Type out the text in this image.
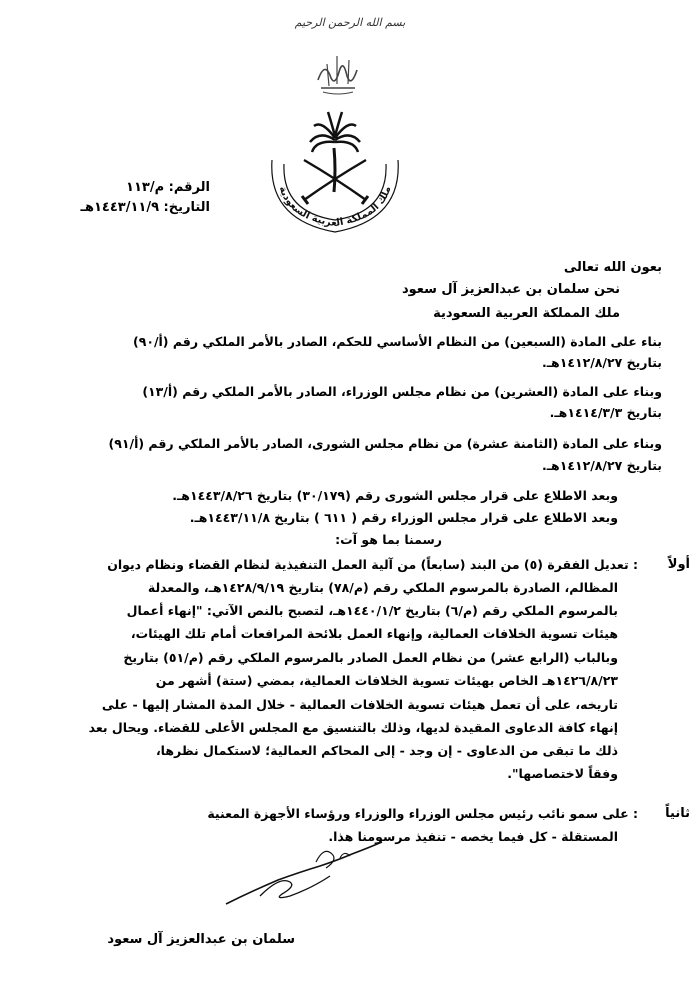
بسم الله الرحمن الرحيم
ملك المملكة العربية السعودية
الرقم: م/١١٣
التاريخ: ١٤٤٣/١١/٩هـ
بعون الله تعالى
نحن سلمان بن عبدالعزيز آل سعود
ملك المملكة العربية السعودية
بناء على المادة (السبعين) من النظام الأساسي للحكم، الصادر بالأمر الملكي رقم (أ/٩٠)
بتاريخ ١٤١٢/٨/٢٧هـ.
وبناء على المادة (العشرين) من نظام مجلس الوزراء، الصادر بالأمر الملكي رقم (أ/١٣)
بتاريخ ١٤١٤/٣/٣هـ.
وبناء على المادة (الثامنة عشرة) من نظام مجلس الشورى، الصادر بالأمر الملكي رقم (أ/٩١)
بتاريخ ١٤١٢/٨/٢٧هـ.
وبعد الاطلاع على قرار مجلس الشورى رقم (٣٠/١٧٩) بتاريخ ١٤٤٣/٨/٢٦هـ.
وبعد الاطلاع على قرار مجلس الوزراء رقم ( ٦١١ ) بتاريخ ١٤٤٣/١١/٨هـ.
رسمنا بما هو آت:
أولاً
: تعديل الفقرة (٥) من البند (سابعاً) من آلية العمل التنفيذية لنظام القضاء ونظام ديوان
المظالم، الصادرة بالمرسوم الملكي رقم (م/٧٨) بتاريخ ١٤٢٨/٩/١٩هـ، والمعدلة
بالمرسوم الملكي رقم (م/٦) بتاريخ ١٤٤٠/١/٢هـ، لتصبح بالنص الآتي: "إنهاء أعمال
هيئات تسوية الخلافات العمالية، وإنهاء العمل بلائحة المرافعات أمام تلك الهيئات،
وبالباب (الرابع عشر) من نظام العمل الصادر بالمرسوم الملكي رقم (م/٥١) بتاريخ
١٤٢٦/٨/٢٣هـ الخاص بهيئات تسوية الخلافات العمالية، بمضي (ستة) أشهر من
تاريخه، على أن تعمل هيئات تسوية الخلافات العمالية - خلال المدة المشار إليها - على
إنهاء كافة الدعاوى المقيدة لديها، وذلك بالتنسيق مع المجلس الأعلى للقضاء. ويحال بعد
ذلك ما تبقى من الدعاوى - إن وجد - إلى المحاكم العمالية؛ لاستكمال نظرها،
وفقاً لاختصاصها".
ثانياً
: على سمو نائب رئيس مجلس الوزراء والوزراء ورؤساء الأجهزة المعنية
المستقلة - كل فيما يخصه - تنفيذ مرسومنا هذا.
سلمان بن عبدالعزيز آل سعود
